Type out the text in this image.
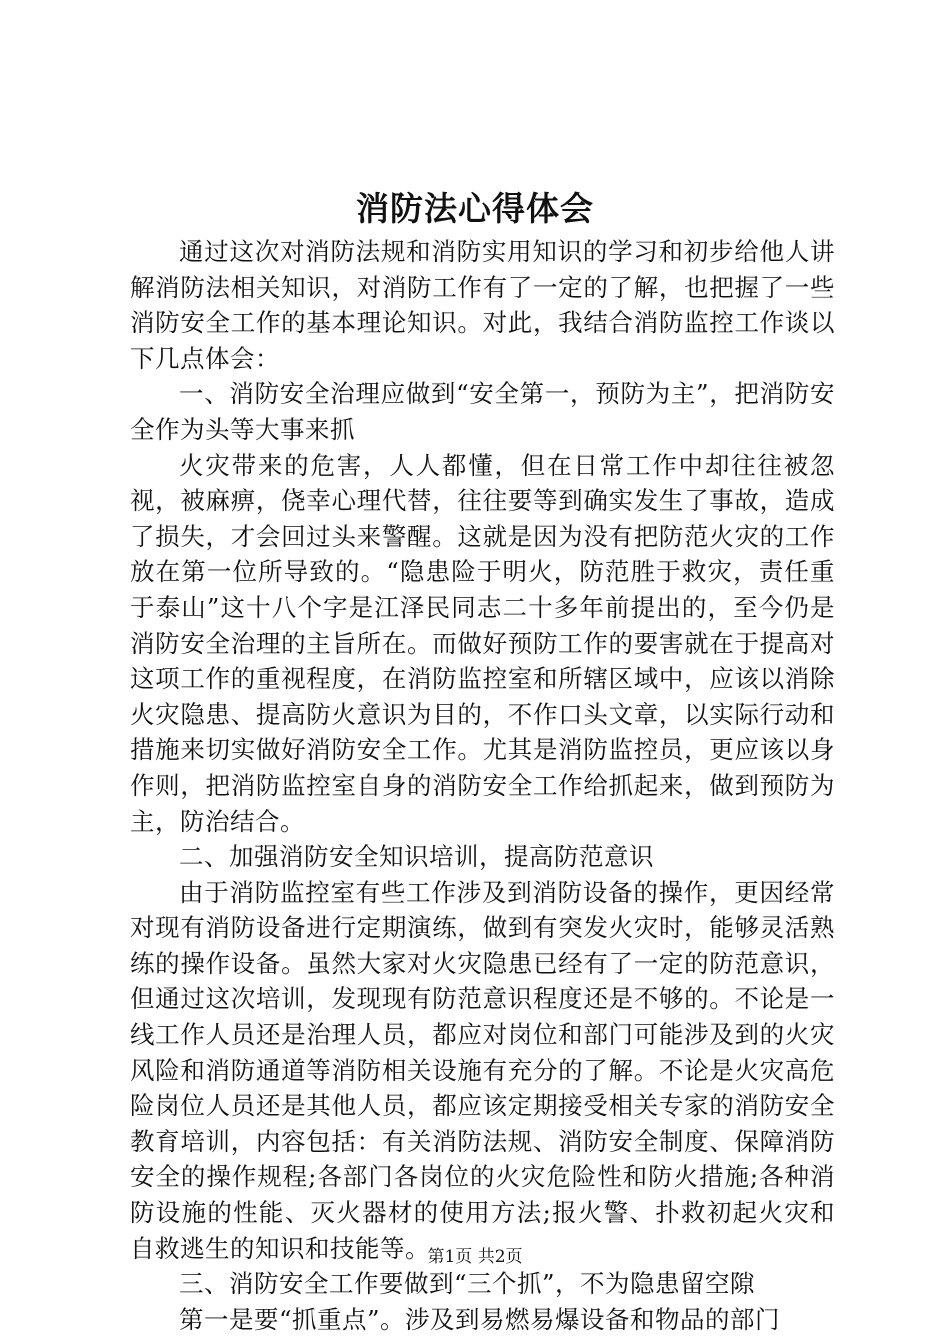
消防法心得体会

通过这次对消防法规和消防实用知识的学习和初步给他人讲解消防法相关知识，对消防工作有了一定的了解，也把握了一些消防安全工作的基本理论知识。对此，我结合消防监控工作谈以下几点体会：

一、消防安全治理应做到“安全第一，预防为主”，把消防安全作为头等大事来抓

火灾带来的危害，人人都懂，但在日常工作中却往往被忽视，被麻痹，侥幸心理代替，往往要等到确实发生了事故，造成了损失，才会回过头来警醒。这就是因为没有把防范火灾的工作放在第一位所导致的。“隐患险于明火，防范胜于救灾，责任重于泰山”这十八个字是江泽民同志二十多年前提出的，至今仍是消防安全治理的主旨所在。而做好预防工作的要害就在于提高对这项工作的重视程度，在消防监控室和所辖区域中，应该以消除火灾隐患、提高防火意识为目的，不作口头文章，以实际行动和措施来切实做好消防安全工作。尤其是消防监控员，更应该以身作则，把消防监控室自身的消防安全工作给抓起来，做到预防为主，防治结合。

二、加强消防安全知识培训，提高防范意识

由于消防监控室有些工作涉及到消防设备的操作，更因经常对现有消防设备进行定期演练，做到有突发火灾时，能够灵活熟练的操作设备。虽然大家对火灾隐患已经有了一定的防范意识，但通过这次培训，发现现有防范意识程度还是不够的。不论是一线工作人员还是治理人员，都应对岗位和部门可能涉及到的火灾风险和消防通道等消防相关设施有充分的了解。不论是火灾高危险岗位人员还是其他人员，都应该定期接受相关专家的消防安全教育培训，内容包括：有关消防法规、消防安全制度、保障消防安全的操作规程;各部门各岗位的火灾危险性和防火措施;各种消防设施的性能、灭火器材的使用方法;报火警、扑救初起火灾和自救逃生的知识和技能等。

三、消防安全工作要做到“三个抓”，不为隐患留空隙

第一是要“抓重点”。涉及到易燃易爆设备和物品的部门

第1页 共2页
